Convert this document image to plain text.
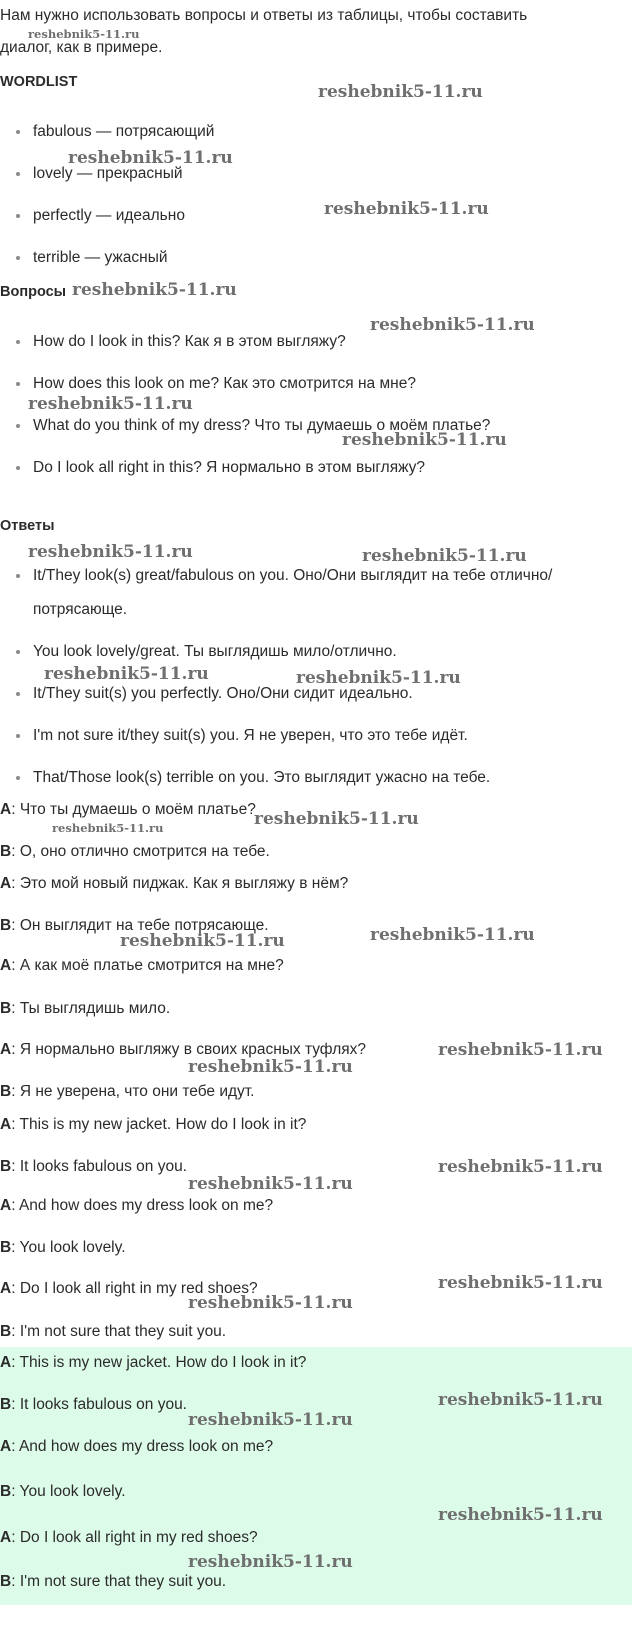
Нам нужно использовать вопросы и ответы из таблицы, чтобы составить
диалог, как в примере.
WORDLIST
fabulous — потрясающий
lovely — прекрасный
perfectly — идеально
terrible — ужасный
Вопросы
How do I look in this? Как я в этом выгляжу?
How does this look on me? Как это смотрится на мне?
What do you think of my dress? Что ты думаешь о моём платье?
Do I look all right in this? Я нормально в этом выгляжу?
Ответы
It/They look(s) great/fabulous on you. Оно/Они выглядит на тебе отлично/
потрясающе.
You look lovely/great. Ты выглядишь мило/отлично.
It/They suit(s) you perfectly. Оно/Они сидит идеально.
I'm not sure it/they suit(s) you. Я не уверен, что это тебе идёт.
That/Those look(s) terrible on you. Это выглядит ужасно на тебе.
A: Что ты думаешь о моём платье?
B: О, оно отлично смотрится на тебе.
A: Это мой новый пиджак. Как я выгляжу в нём?
B: Он выглядит на тебе потрясающе.
A: А как моё платье смотрится на мне?
B: Ты выглядишь мило.
A: Я нормально выгляжу в своих красных туфлях?
B: Я не уверена, что они тебе идут.
A: This is my new jacket. How do I look in it?
B: It looks fabulous on you.
A: And how does my dress look on me?
B: You look lovely.
A: Do I look all right in my red shoes?
B: I'm not sure that they suit you.
A: This is my new jacket. How do I look in it?
B: It looks fabulous on you.
A: And how does my dress look on me?
B: You look lovely.
A: Do I look all right in my red shoes?
B: I'm not sure that they suit you.
reshebnik5-11.ru
reshebnik5-11.ru
reshebnik5-11.ru
reshebnik5-11.ru
reshebnik5-11.ru
reshebnik5-11.ru
reshebnik5-11.ru
reshebnik5-11.ru
reshebnik5-11.ru	reshebnik5-11.ru
reshebnik5-11.ru	reshebnik5-11.ru
reshebnik5-11.ru	reshebnik5-11.ru
reshebnik5-11.ru	reshebnik5-11.ru
reshebnik5-11.ru
reshebnik5-11.ru
reshebnik5-11.ru
reshebnik5-11.ru
reshebnik5-11.ru
reshebnik5-11.ru
reshebnik5-11.ru
reshebnik5-11.ru
reshebnik5-11.ru
reshebnik5-11.ru
